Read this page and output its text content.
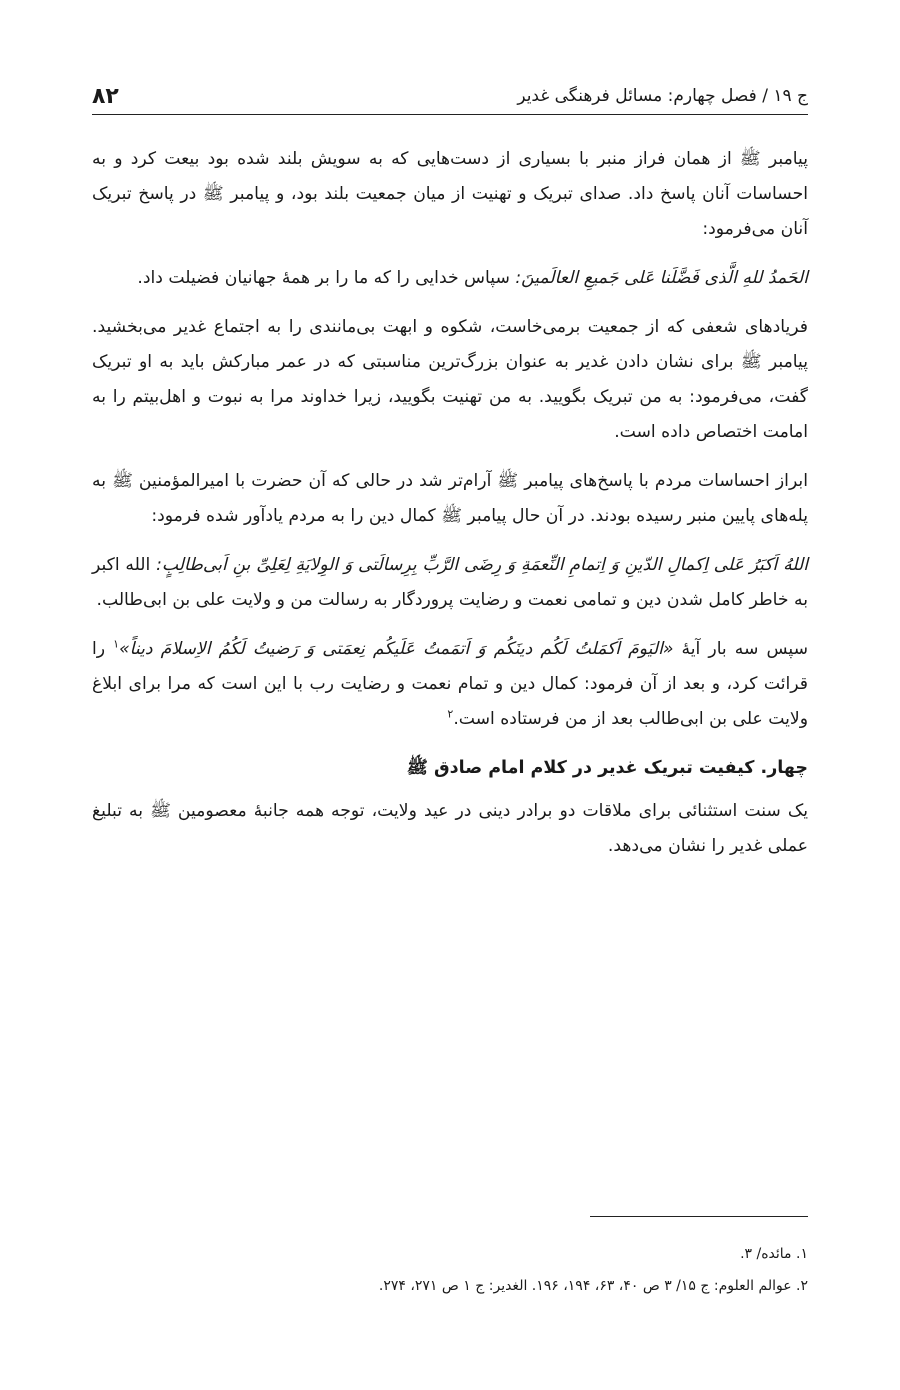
ج ۱۹ / فصل چهارم: مسائل فرهنگی غدیر
۸۲

پیامبر ﷺ از همان فراز منبر با بسیاری از دست‌هایی که به سویش بلند شده بود بیعت کرد و به احساسات آنان پاسخ داد. صدای تبریک و تهنیت از میان جمعیت بلند بود، و پیامبر ﷺ در پاسخ تبریک آنان می‌فرمود:

الحَمدُ للهِ الَّذی فَضَّلَنا عَلی جَمیعِ العالَمینَ: سپاس خدایی را که ما را بر همهٔ جهانیان فضیلت داد.

فریادهای شعفی که از جمعیت برمی‌خاست، شکوه و ابهت بی‌مانندی را به اجتماع غدیر می‌بخشید. پیامبر ﷺ برای نشان دادن غدیر به عنوان بزرگ‌ترین مناسبتی که در عمر مبارکش باید به او تبریک گفت، می‌فرمود: به من تبریک بگویید. به من تهنیت بگویید، زیرا خداوند مرا به نبوت و اهل‌بیتم را به امامت اختصاص داده است.

ابراز احساسات مردم با پاسخ‌های پیامبر ﷺ آرام‌تر شد در حالی که آن حضرت با امیرالمؤمنین ﷺ به پله‌های پایین منبر رسیده بودند. در آن حال پیامبر ﷺ کمال دین را به مردم یادآور شده فرمود:

اللهُ اَکبَرُ عَلی اِکمالِ الدّینِ وَ اِتمامِ النِّعمَةِ وَ رِضَی الرَّبِّ بِرِسالَتی وَ الوِلایَةِ لِعَلِیِّ بنِ اَبی‌طالِبٍ: الله اکبر به خاطر کامل شدن دین و تمامی نعمت و رضایت پروردگار به رسالت من و ولایت علی بن ابی‌طالب.

سپس سه بار آیهٔ «الیَومَ اَکمَلتُ لَکُم دینَکُم وَ اَتمَمتُ عَلَیکُم نِعمَتی وَ رَضیتُ لَکُمُ الاِسلامَ دیناً»$^۱$ را قرائت کرد، و بعد از آن فرمود: کمال دین و تمام نعمت و رضایت رب با این است که مرا برای ابلاغ ولایت علی بن ابی‌طالب بعد از من فرستاده است.$^۲$

چهار. کیفیت تبریک غدیر در کلام امام صادق ﷺ

یک سنت استثنائی برای ملاقات دو برادر دینی در عید ولایت، توجه همه جانبهٔ معصومین ﷺ به تبلیغ عملی غدیر را نشان می‌دهد.

۱. مائده/ ۳.

۲. عوالم العلوم: ج ۱۵/ ۳ ص ۴۰، ۶۳، ۱۹۴، ۱۹۶. الغدیر: ج ۱ ص ۲۷۱، ۲۷۴.
